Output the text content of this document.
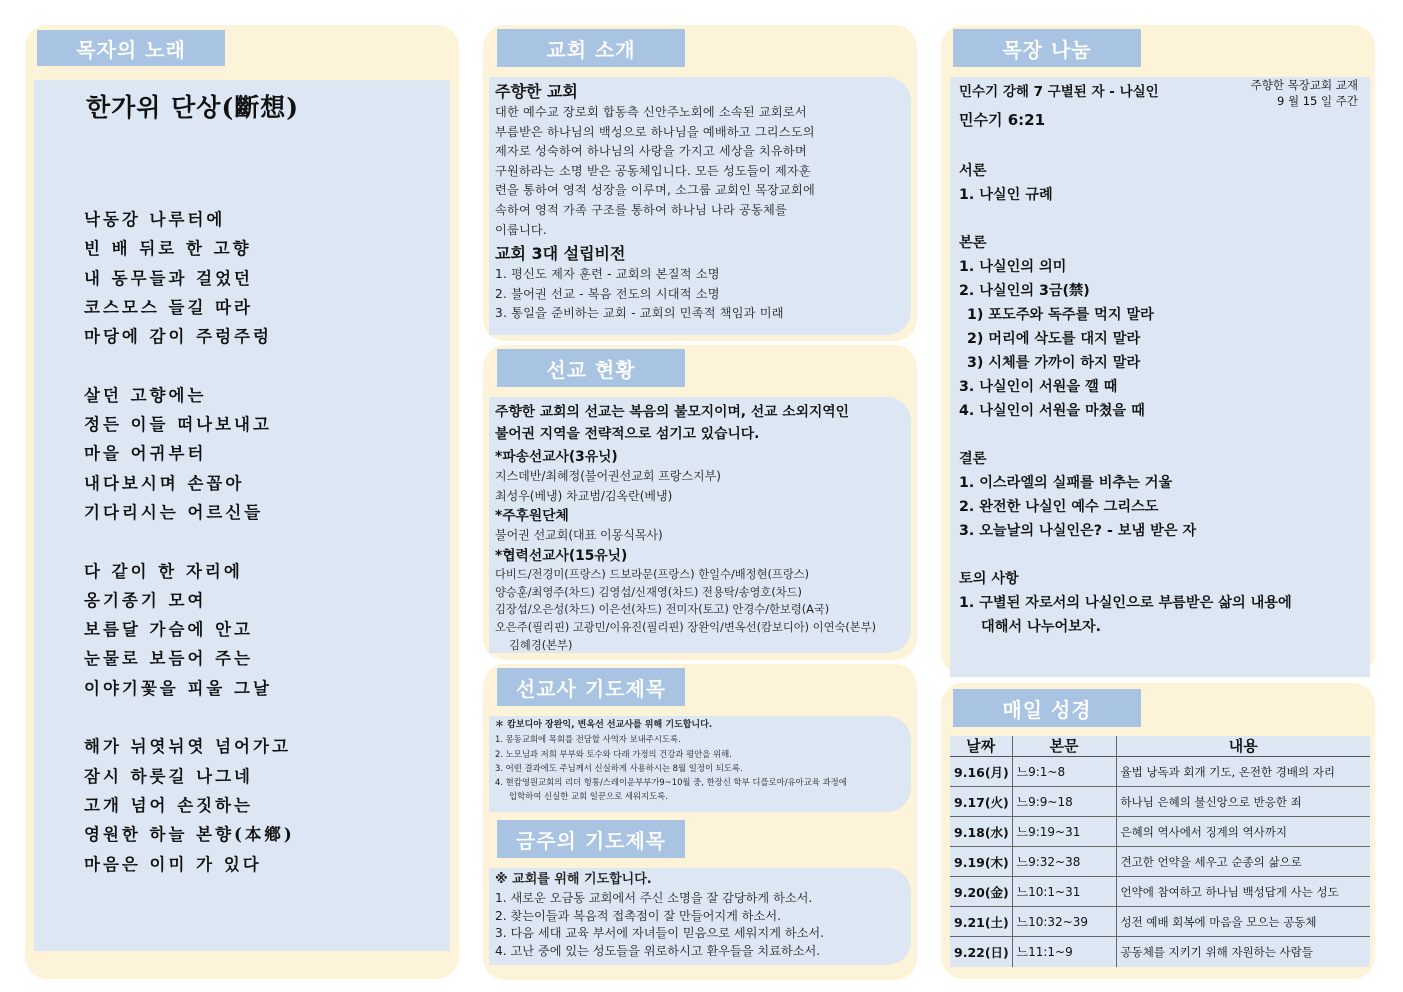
목자의 노래
한가위 단상(斷想)
낙동강 나루터에
빈 배 뒤로 한 고향
내 동무들과 걸었던
코스모스 들길 따라
마당에 감이 주렁주렁
살던 고향에는
정든 이들 떠나보내고
마을 어귀부터
내다보시며 손꼽아
기다리시는 어르신들
다 같이 한 자리에
옹기종기 모여
보름달 가슴에 안고
눈물로 보듬어 주는
이야기꽃을 피울 그날
해가 뉘엿뉘엿 넘어가고
잠시 하룻길 나그네
고개 넘어 손짓하는
영원한 하늘 본향(本鄕)
마음은 이미 가 있다
교회 소개
주향한 교회
대한 예수교 장로회 합동측 신안주노회에 소속된 교회로서
부름받은 하나님의 백성으로 하나님을 예배하고 그리스도의
제자로 성숙하여 하나님의 사랑을 가지고 세상을 치유하며
구원하라는 소명 받은 공동체입니다. 모든 성도들이 제자훈
련을 통하여 영적 성장을 이루며, 소그룹 교회인 목장교회에
속하여 영적 가족 구조를 통하여 하나님 나라 공동체를
이룹니다.
교회 3대 설립비전
1. 평신도 제자 훈련 - 교회의 본질적 소명
2. 불어권 선교 - 복음 전도의 시대적 소명
3. 통일을 준비하는 교회 - 교회의 민족적 책임과 미래
선교 현황
주향한 교회의 선교는 복음의 불모지이며, 선교 소외지역인
불어권 지역을 전략적으로 섬기고 있습니다.
*파송선교사(3유닛)
지스데반/최혜정(불어권선교회 프랑스지부)
최성우(베냉) 차교범/김옥란(베냉)
*주후원단체
불어권 선교회(대표 이몽식목사)
*협력선교사(15유닛)
다비드/전경미(프랑스) 드보라문(프랑스) 한일수/배정현(프랑스)
양승훈/최영주(차드) 김영섭/신재영(차드) 전용탁/송영호(차드)
김장섭/오은성(차드) 이은선(차드) 전미자(토고) 안경수/한보령(A국)
오은주(필리핀) 고광민/이유진(필리핀) 장완익/변옥선(캄보디아) 이연숙(본부)
김혜경(본부)
선교사 기도제목
＊ 캄보디아 장완익, 변옥선 선교사를 위해 기도합니다.
1. 몽동교회에 목회를 전담할 사역자 보내주시도록.
2. 노모님과 저희 부부와 토수와 다래 가정의 건강과 평안을 위해.
3. 어떤 결과에도 주님께서 신실하게 사용하시는 8월 일정이 되도록.
4. 현캄영원교회의 리더 헝통/스레이운부부가9~10월 중, 한장신 학부 디플로마/유아교육 과정에
입학하여 신실한 교회 일꾼으로 세워지도록.
금주의 기도제목
※ 교회를 위해 기도합니다.
1. 새로운 오금동 교회에서 주신 소명을 잘 감당하게 하소서.
2. 찾는이들과 복음적 접촉점이 잘 만들어지게 하소서.
3. 다음 세대 교육 부서에 자녀들이 믿음으로 세워지게 하소서.
4. 고난 중에 있는 성도들을 위로하시고 환우들을 치료하소서.
목장 나눔
민수기 강해 7 구별된 자 - 나실인	주향한 목장교회 교재
9 월 15 일 주간
민수기 6:21
서론
1. 나실인 규례
본론
1. 나실인의 의미
2. 나실인의 3금(禁)
1) 포도주와 독주를 먹지 말라
2) 머리에 삭도를 대지 말라
3) 시체를 가까이 하지 말라
3. 나실인이 서원을 깰 때
4. 나실인이 서원을 마쳤을 때
결론
1. 이스라엘의 실패를 비추는 거울
2. 완전한 나실인 예수 그리스도
3. 오늘날의 나실인은? - 보냄 받은 자
토의 사항
1. 구별된 자로서의 나실인으로 부름받은 삶의 내용에
대해서 나누어보자.
매일 성경
날짜	본문	내용
9.16(月)	느9:1~8	율법 낭독과 회개 기도, 온전한 경배의 자리
9.17(火)	느9:9~18	하나님 은혜의 불신앙으로 반응한 죄
9.18(水)	느9:19~31	은혜의 역사에서 징계의 역사까지
9.19(木)	느9:32~38	견고한 언약을 세우고 순종의 삶으로
9.20(金)	느10:1~31	언약에 참여하고 하나님 백성답게 사는 성도
9.21(土)	느10:32~39	성전 예배 회복에 마음을 모으는 공동체
9.22(日)	느11:1~9	공동체를 지키기 위해 자원하는 사람들
